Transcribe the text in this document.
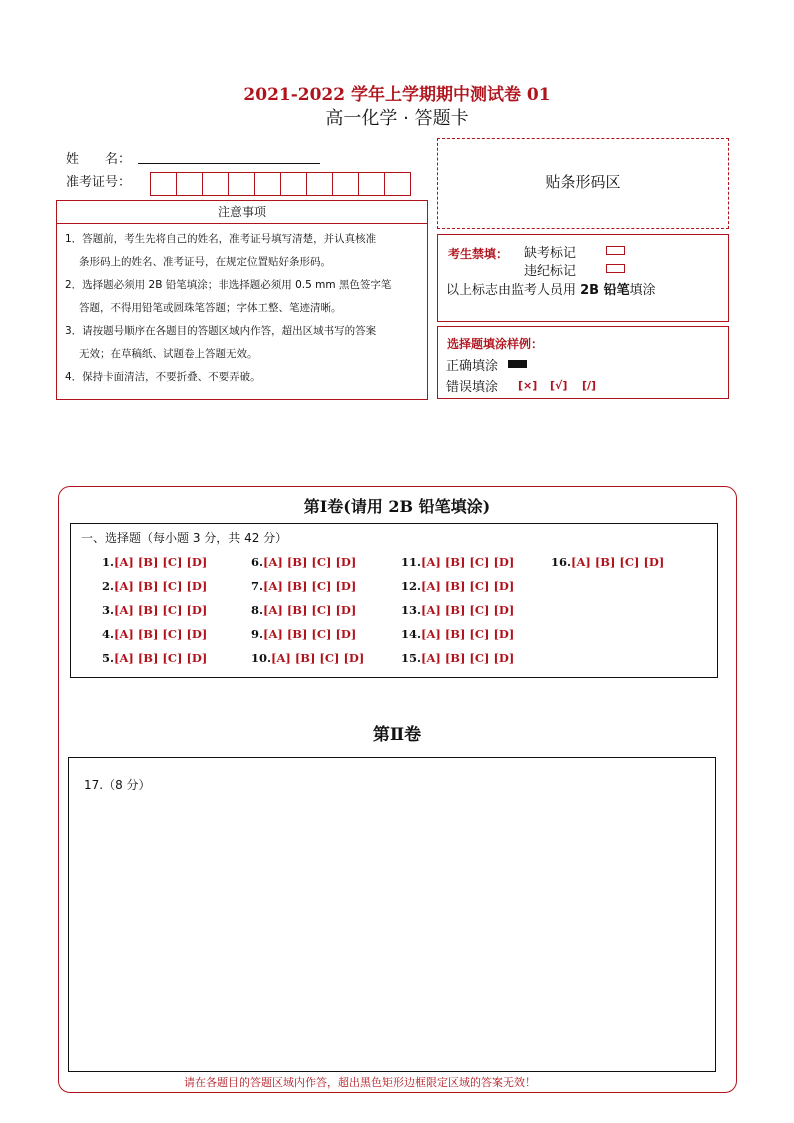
2021-2022 学年上学期期中测试卷 01
高一化学 · 答题卡
姓　　名：
准考证号：
注意事项
1．答题前，考生先将自己的姓名，准考证号填写清楚，并认真核准
条形码上的姓名、准考证号，在规定位置贴好条形码。
2．选择题必须用 2B 铅笔填涂；非选择题必须用 0.5 mm 黑色签字笔
答题，不得用铅笔或圆珠笔答题；字体工整、笔迹清晰。
3．请按题号顺序在各题目的答题区域内作答，超出区域书写的答案
无效；在草稿纸、试题卷上答题无效。
4．保持卡面清洁，不要折叠、不要弄破。
贴条形码区
考生禁填： 缺考标记
违纪标记
以上标志由监考人员用 2B 铅笔填涂
选择题填涂样例：
正确填涂
错误填涂 [×] [√] [/]
第Ⅰ卷(请用 2B 铅笔填涂)
一、选择题（每小题 3 分，共 42 分）
1.[A] [B] [C] [D]
2.[A] [B] [C] [D]
3.[A] [B] [C] [D]
4.[A] [B] [C] [D]
5.[A] [B] [C] [D]
6.[A] [B] [C] [D]
7.[A] [B] [C] [D]
8.[A] [B] [C] [D]
9.[A] [B] [C] [D]
10.[A] [B] [C] [D]
11.[A] [B] [C] [D]
12.[A] [B] [C] [D]
13.[A] [B] [C] [D]
14.[A] [B] [C] [D]
15.[A] [B] [C] [D]
16.[A] [B] [C] [D]
第Ⅱ卷
17.（8 分）
请在各题目的答题区域内作答，超出黑色矩形边框限定区域的答案无效！
